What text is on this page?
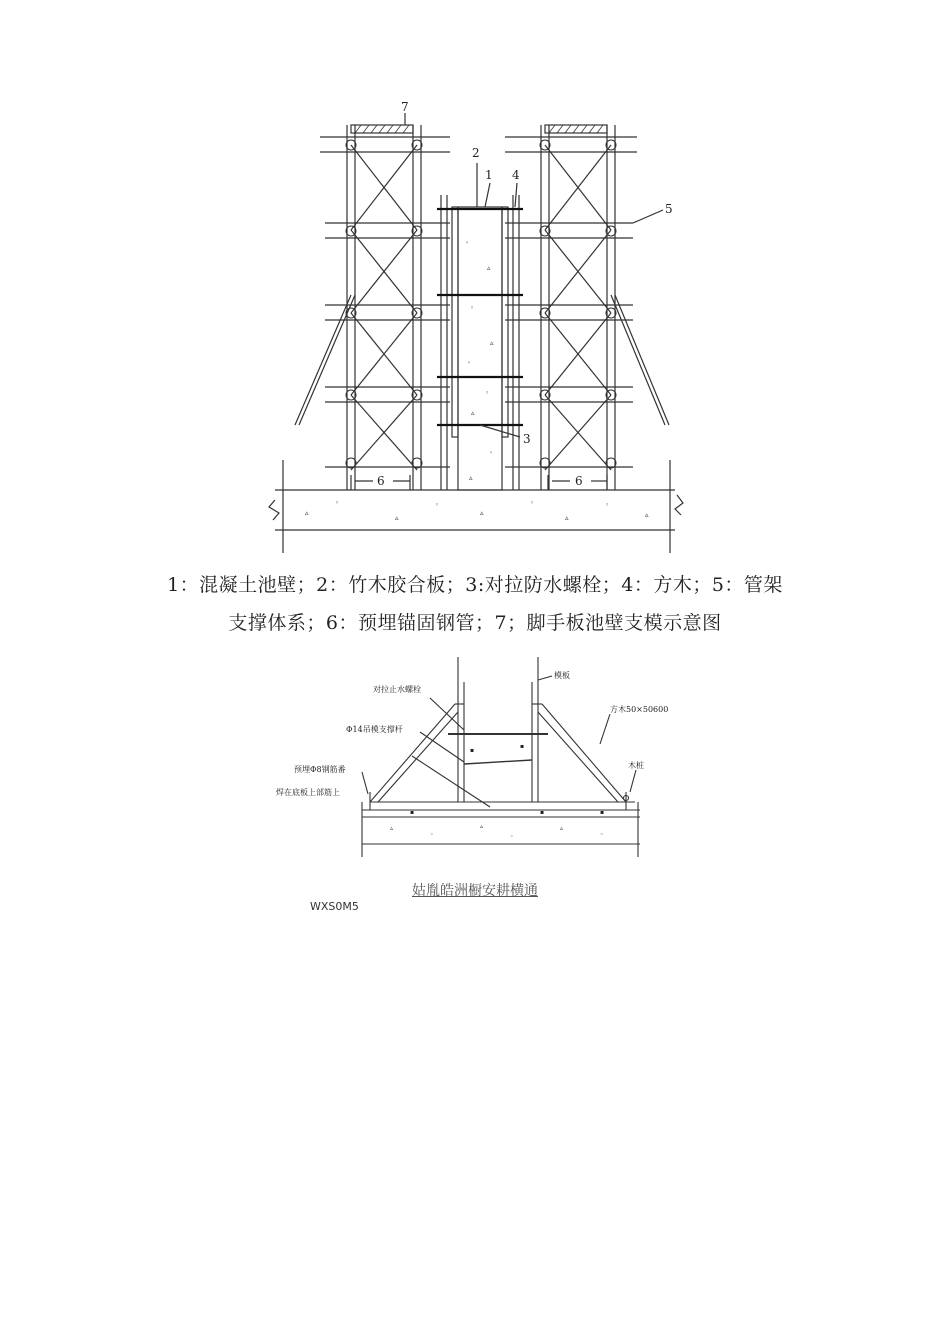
◦
▵
◦
▵
◦
◦
▵
◦
▵
▵
◦
▵
◦
▵
◦
▵
◦
▵
7
2
1 4
5
3
6	6
1：混凝土池壁；2：竹木胶合板；3:对拉防水螺栓；4：方木；5：管架
支撑体系；6：预埋锚固钢管；7；脚手板池壁支模示意图
▪
▪
▵
◦
▵
◦
▵
◦
▪	▪	▪
模板
对拉止水螺栓
方木50×50600
Φ14吊模支撑杆
预埋Φ8钢筋番
焊在底板上部筋上
木桩
姑胤皓洲橱安耕横通
WXS0M5
